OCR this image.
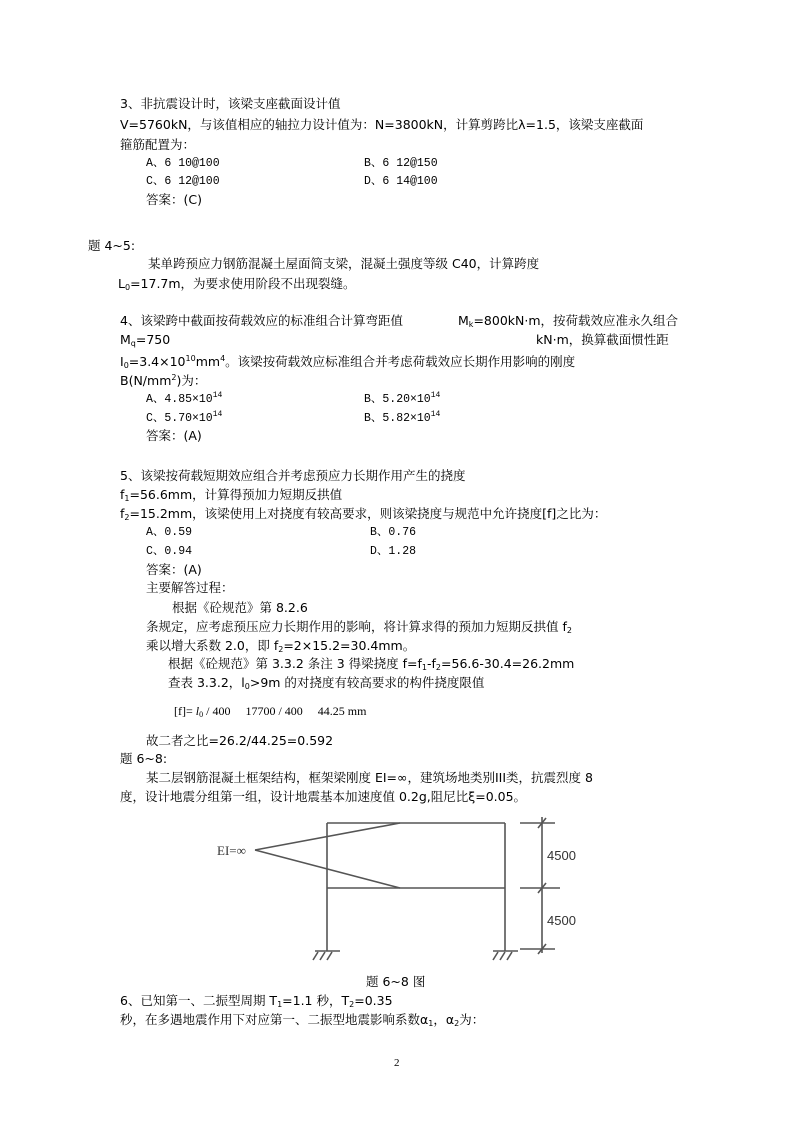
3、非抗震设计时，该梁支座截面设计值
V=5760kN，与该值相应的轴拉力设计值为：N=3800kN，计算剪跨比λ=1.5，该梁支座截面
箍筋配置为：
A、6 10@100	B、6 12@150
C、6 12@100	D、6 14@100
答案：(C)
题 4~5:
某单跨预应力钢筋混凝土屋面简支梁，混凝土强度等级 C40，计算跨度
$L_0=17.7m$，为要求使用阶段不出现裂缝。
4、该梁跨中截面按荷载效应的标准组合计算弯距值	$M_k=800kN\cdot m$，按荷载效应准永久组合
$M_q=750$	kN·m，换算截面惯性距
$I_0=3.4\times 10^{10}mm^4$。该梁按荷载效应标准组合并考虑荷载效应长期作用影响的刚度
$B(N/mm^2)$为：
A、$4.85\times 10^{14}$	B、$5.20\times 10^{14}$
C、$5.70\times 10^{14}$	B、$5.82\times 10^{14}$
答案：(A)
5、该梁按荷载短期效应组合并考虑预应力长期作用产生的挠度
$f_1=56.6mm$，计算得预加力短期反拱值
$f_2=15.2mm$，该梁使用上对挠度有较高要求，则该梁挠度与规范中允许挠度[f]之比为：
A、0.59	B、0.76
C、0.94	D、1.28
答案：(A)
主要解答过程：
根据《砼规范》第 8.2.6
条规定，应考虑预压应力长期作用的影响，将计算求得的预加力短期反拱值 $f_2$
乘以增大系数 2.0，即 $f_2=2\times 15.2=30.4mm$。
根据《砼规范》第 3.3.2 条注 3 得梁挠度 $f=f_1-f_2=56.6-30.4=26.2mm$
查表 3.3.2，$l_0>9m$ 的对挠度有较高要求的构件挠度限值
$[f]= l_0 / 400$     17700 / 400     44.25 mm
故二者之比=26.2/44.25=0.592
题 6~8:
某二层钢筋混凝土框架结构，框架梁刚度 EI=∞，建筑场地类别III类，抗震烈度 8
度，设计地震分组第一组，设计地震基本加速度值 0.2g,阻尼比ξ=0.05。
EI=∞	4500
4500
题 6~8 图
6、已知第一、二振型周期 $T_1=1.1$ 秒，$T_2=0.35$
秒，在多遇地震作用下对应第一、二振型地震影响系数$\alpha_1$，$\alpha_2$为：
2
